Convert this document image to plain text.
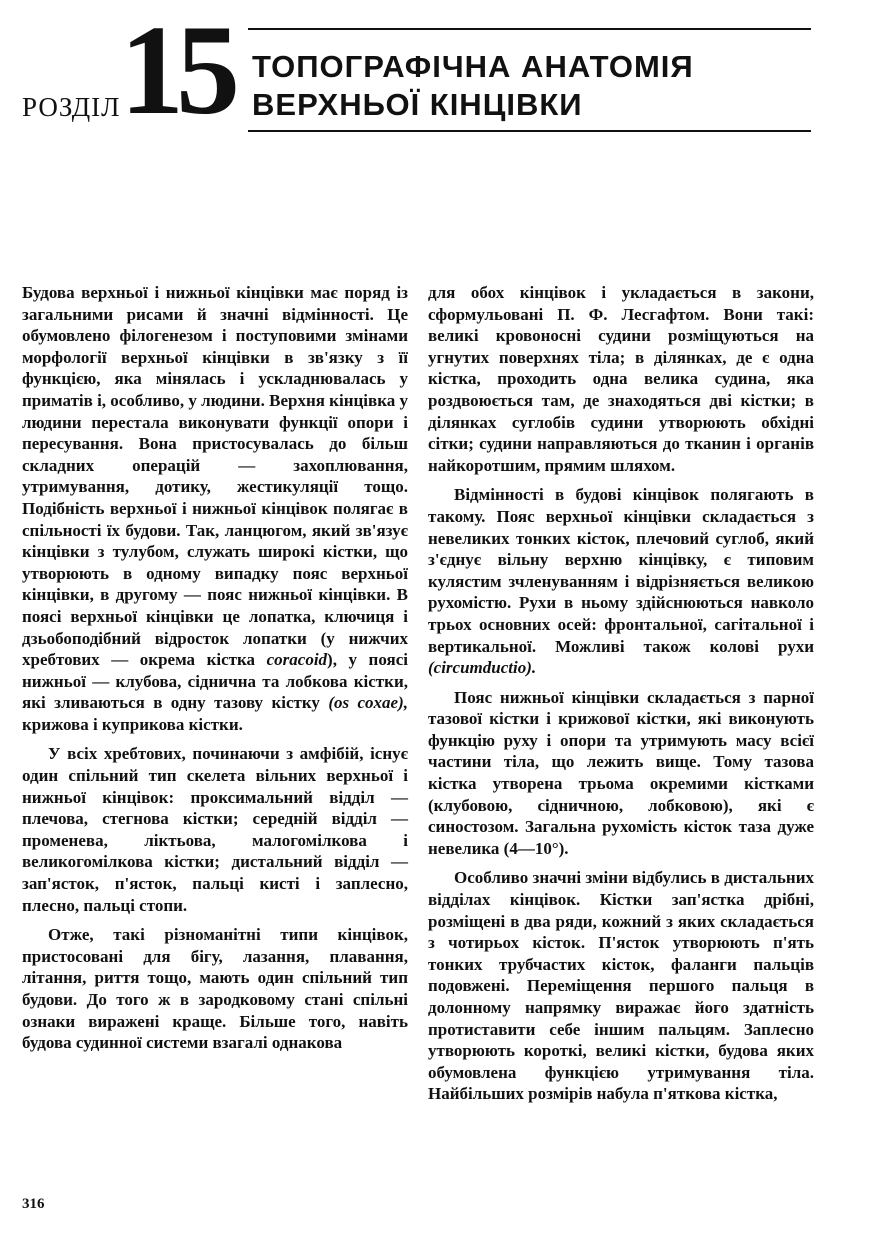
РОЗДІЛ 15 ТОПОГРАФІЧНА АНАТОМІЯ
ВЕРХНЬОЇ КІНЦІВКИ

Будова верхньої і нижньої кінцівки має поряд із загальними рисами й значні відмінності. Це обумовлено філогенезом і поступовими змінами морфології верхньої кінцівки в зв'язку з її функцією, яка мінялась і ускладнювалась у приматів і, особливо, у людини. Верхня кінцівка у людини перестала виконувати функції опори і пересування. Вона пристосувалась до більш складних операцій — захоплювання, утримування, дотику, жестикуляції тощо. Подібність верхньої і нижньої кінцівок полягає в спільності їх будови. Так, ланцюгом, який зв'язує кінцівки з тулубом, служать широкі кістки, що утворюють в одному випадку пояс верхньої кінцівки, в другому — пояс нижньої кінцівки. В поясі верхньої кінцівки це лопатка, ключиця і дзьобоподібний відросток лопатки (у нижчих хребтових — окрема кістка coracoid), у поясі нижньої — клубова, сіднична та лобкова кістки, які зливаються в одну тазову кістку (os coxae), крижова і куприкова кістки.

У всіх хребтових, починаючи з амфібій, існує один спільний тип скелета вільних верхньої і нижньої кінцівок: проксимальний відділ — плечова, стегнова кістки; середній відділ — променева, ліктьова, малогомілкова і великогомілкова кістки; дистальний відділ — зап'ясток, п'ясток, пальці кисті і заплесно, плесно, пальці стопи.

Отже, такі різноманітні типи кінцівок, пристосовані для бігу, лазання, плавання, літання, риття тощо, мають один спільний тип будови. До того ж в зародковому стані спільні ознаки виражені краще. Більше того, навіть будова судинної системи взагалі однакова

для обох кінцівок і укладається в закони, сформульовані П. Ф. Лесгафтом. Вони такі: великі кровоносні судини розміщуються на угнутих поверхнях тіла; в ділянках, де є одна кістка, проходить одна велика судина, яка роздвоюється там, де знаходяться дві кістки; в ділянках суглобів судини утворюють обхідні сітки; судини направляються до тканин і органів найкоротшим, прямим шляхом.

Відмінності в будові кінцівок полягають в такому. Пояс верхньої кінцівки складається з невеликих тонких кісток, плечовий суглоб, який з'єднує вільну верхню кінцівку, є типовим кулястим зчленуванням і відрізняється великою рухомістю. Рухи в ньому здійснюються навколо трьох основних осей: фронтальної, сагітальної і вертикальної. Можливі також колові рухи (circumductio).

Пояс нижньої кінцівки складається з парної тазової кістки і крижової кістки, які виконують функцію руху і опори та утримують масу всієї частини тіла, що лежить вище. Тому тазова кістка утворена трьома окремими кістками (клубовою, сідничною, лобковою), які є синостозом. Загальна рухомість кісток таза дуже невелика (4—10°).

Особливо значні зміни відбулись в дистальних відділах кінцівок. Кістки зап'ястка дрібні, розміщені в два ряди, кожний з яких складається з чотирьох кісток. П'ясток утворюють п'ять тонких трубчастих кісток, фаланги пальців подовжені. Переміщення першого пальця в долонному напрямку виражає його здатність протиставити себе іншим пальцям. Заплесно утворюють короткі, великі кістки, будова яких обумовлена функцією утримування тіла. Найбільших розмірів набула п'яткова кістка,

316
